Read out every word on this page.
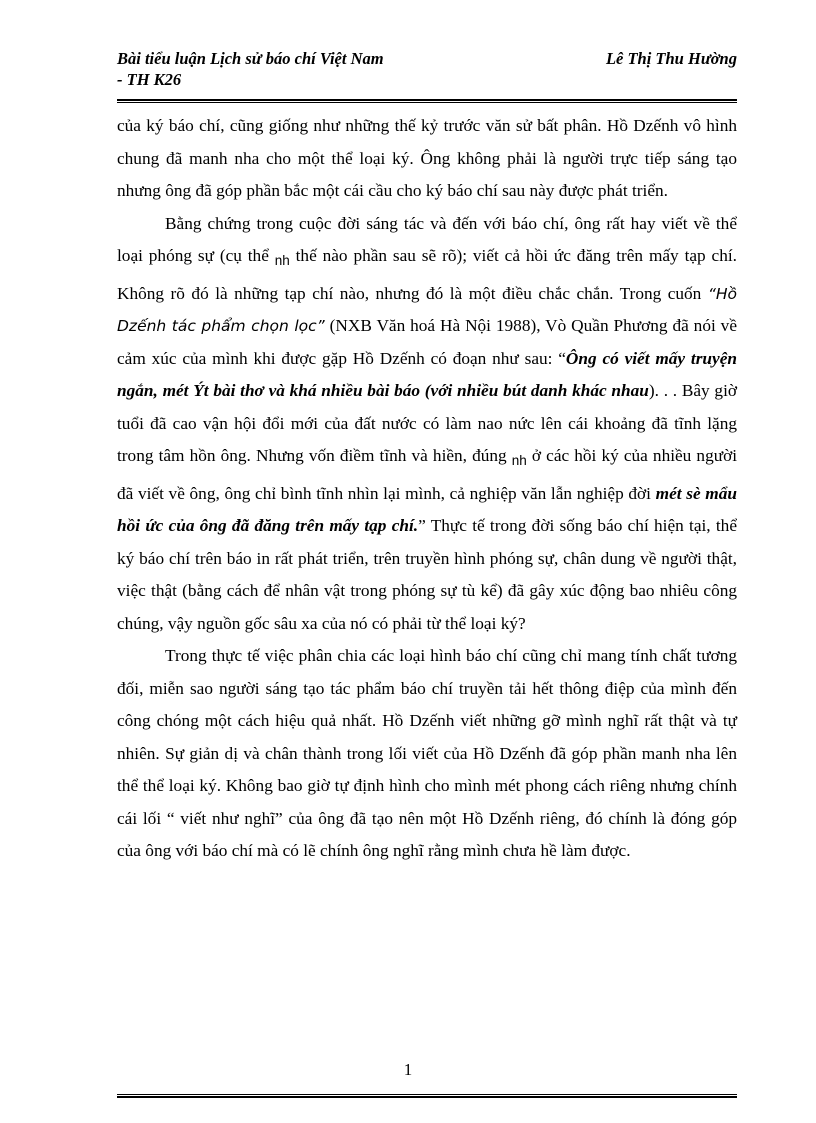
Bài tiểu luận Lịch sử báo chí Việt Nam
- TH K26
Lê Thị Thu Hường

của ký báo chí, cũng giống như những thế kỷ trước văn sử bất phân. Hồ Dzếnh vô hình chung đã manh nha cho một thể loại ký. Ông không phải là người trực tiếp sáng tạo nhưng ông đã góp phần bắc một cái cầu cho ký báo chí sau này được phát triển.

Bằng chứng trong cuộc đời sáng tác và đến với báo chí, ông rất hay viết về thể loại phóng sự (cụ thể $_{nh}$ thế nào phần sau sẽ rõ); viết cả hồi ức đăng trên mấy tạp chí. Không rõ đó là những tạp chí nào, nhưng đó là một điều chắc chắn. Trong cuốn “Hồ Dzếnh tác phẩm chọn lọc” (NXB Văn hoá Hà Nội 1988), Vò Quần Phương đã nói về cảm xúc của mình khi được gặp Hồ Dzếnh có đoạn như sau: “Ông có viết mấy truyện ngắn, mét Ýt bài thơ và khá nhiều bài báo (với nhiều bút danh khác nhau). . . Bây giờ tuổi đã cao vận hội đổi mới của đất nước có làm nao nức lên cái khoảng đã tĩnh lặng trong tâm hồn ông. Nhưng vốn điềm tĩnh và hiền, đúng $_{nh}$ ở các hồi ký của nhiều người đã viết về ông, ông chỉ bình tĩnh nhìn lại mình, cả nghiệp văn lẫn nghiệp đời mét sè mẩu hồi ức của ông đã đăng trên mấy tạp chí.” Thực tế trong đời sống báo chí hiện tại, thể ký báo chí trên báo in rất phát triển, trên truyền hình phóng sự, chân dung về người thật, việc thật (bằng cách để nhân vật trong phóng sự tù kể) đã gây xúc động bao nhiêu công chúng, vậy nguồn gốc sâu xa của nó có phải từ thể loại ký?

Trong thực tế việc phân chia các loại hình báo chí cũng chỉ mang tính chất tương đối, miễn sao người sáng tạo tác phẩm báo chí truyền tải hết thông điệp của mình đến công chóng một cách hiệu quả nhất. Hồ Dzếnh viết những gỡ mình nghĩ rất thật và tự nhiên. Sự giản dị và chân thành trong lối viết của Hồ Dzếnh đã góp phần manh nha lên thể thể loại ký. Không bao giờ tự định hình cho mình mét phong cách riêng nhưng chính cái lối “ viết như nghĩ” của ông đã tạo nên một Hồ Dzếnh riêng, đó chính là đóng góp của ông với báo chí mà có lẽ chính ông nghĩ rằng mình chưa hề làm được.

1
